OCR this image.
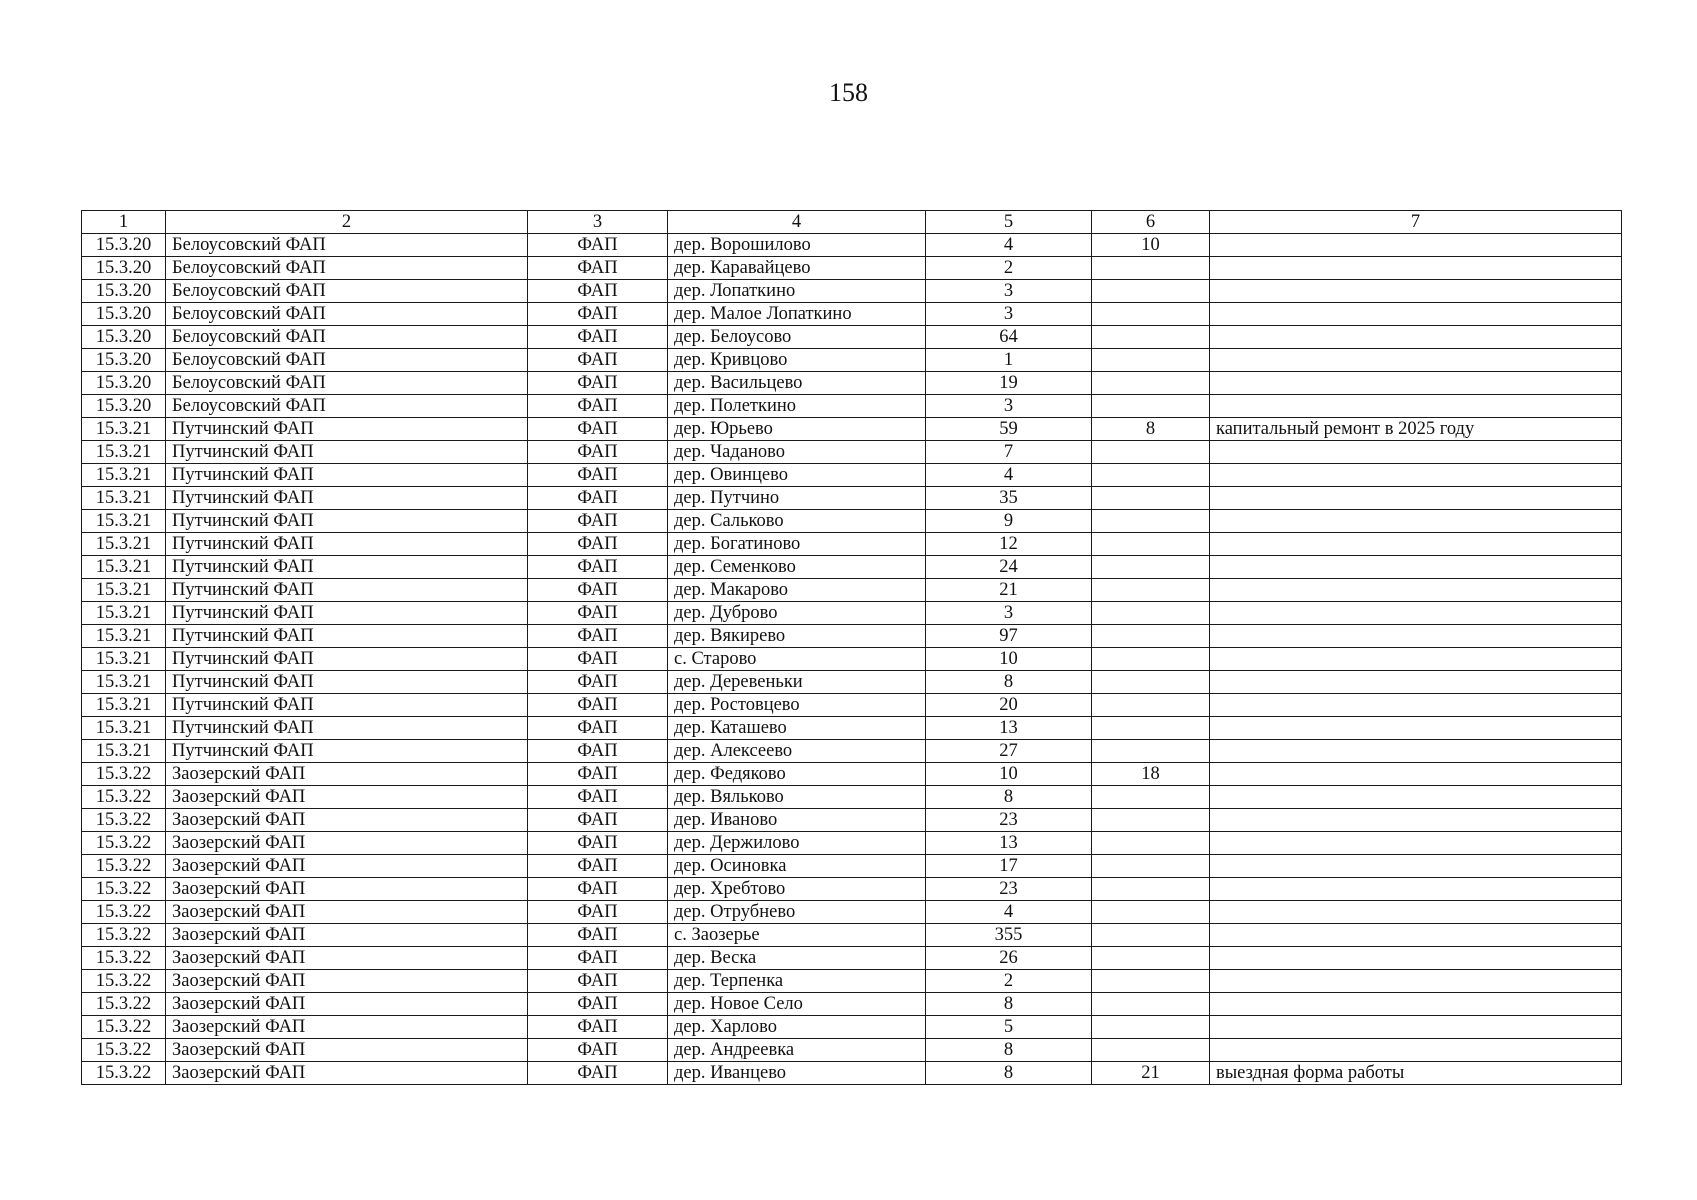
158
1	2	3	4	5	6	7
15.3.20	Белоусовский ФАП	ФАП	дер. Ворошилово	4	10	
15.3.20	Белоусовский ФАП	ФАП	дер. Каравайцево	2		
15.3.20	Белоусовский ФАП	ФАП	дер. Лопаткино	3		
15.3.20	Белоусовский ФАП	ФАП	дер. Малое Лопаткино	3		
15.3.20	Белоусовский ФАП	ФАП	дер. Белоусово	64		
15.3.20	Белоусовский ФАП	ФАП	дер. Кривцово	1		
15.3.20	Белоусовский ФАП	ФАП	дер. Васильцево	19		
15.3.20	Белоусовский ФАП	ФАП	дер. Полеткино	3		
15.3.21	Путчинский ФАП	ФАП	дер. Юрьево	59	8	капитальный ремонт в 2025 году
15.3.21	Путчинский ФАП	ФАП	дер. Чаданово	7		
15.3.21	Путчинский ФАП	ФАП	дер. Овинцево	4		
15.3.21	Путчинский ФАП	ФАП	дер. Путчино	35		
15.3.21	Путчинский ФАП	ФАП	дер. Сальково	9		
15.3.21	Путчинский ФАП	ФАП	дер. Богатиново	12		
15.3.21	Путчинский ФАП	ФАП	дер. Семенково	24		
15.3.21	Путчинский ФАП	ФАП	дер. Макарово	21		
15.3.21	Путчинский ФАП	ФАП	дер. Дуброво	3		
15.3.21	Путчинский ФАП	ФАП	дер. Вякирево	97		
15.3.21	Путчинский ФАП	ФАП	с. Старово	10		
15.3.21	Путчинский ФАП	ФАП	дер. Деревеньки	8		
15.3.21	Путчинский ФАП	ФАП	дер. Ростовцево	20		
15.3.21	Путчинский ФАП	ФАП	дер. Каташево	13		
15.3.21	Путчинский ФАП	ФАП	дер. Алексеево	27		
15.3.22	Заозерский ФАП	ФАП	дер. Федяково	10	18	
15.3.22	Заозерский ФАП	ФАП	дер. Вяльково	8		
15.3.22	Заозерский ФАП	ФАП	дер. Иваново	23		
15.3.22	Заозерский ФАП	ФАП	дер. Держилово	13		
15.3.22	Заозерский ФАП	ФАП	дер. Осиновка	17		
15.3.22	Заозерский ФАП	ФАП	дер. Хребтово	23		
15.3.22	Заозерский ФАП	ФАП	дер. Отрубнево	4		
15.3.22	Заозерский ФАП	ФАП	с. Заозерье	355		
15.3.22	Заозерский ФАП	ФАП	дер. Веска	26		
15.3.22	Заозерский ФАП	ФАП	дер. Терпенка	2		
15.3.22	Заозерский ФАП	ФАП	дер. Новое Село	8		
15.3.22	Заозерский ФАП	ФАП	дер. Харлово	5		
15.3.22	Заозерский ФАП	ФАП	дер. Андреевка	8		
15.3.22	Заозерский ФАП	ФАП	дер. Иванцево	8	21	выездная форма работы
